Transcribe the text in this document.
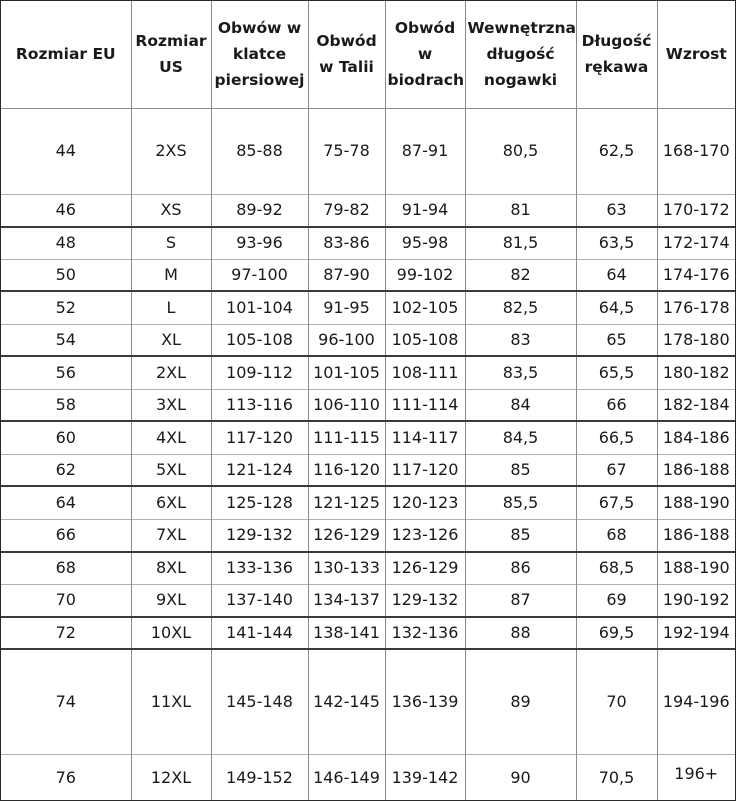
Rozmiar EU	Rozmiar US	Obwów w klatce piersiowej	Obwód w Talii	Obwód w biodrach	Wewnętrzna długość nogawki	Długość rękawa	Wzrost
44	2XS	85-88	75-78	87-91	80,5	62,5	168-170
46	XS	89-92	79-82	91-94	81	63	170-172
48	S	93-96	83-86	95-98	81,5	63,5	172-174
50	M	97-100	87-90	99-102	82	64	174-176
52	L	101-104	91-95	102-105	82,5	64,5	176-178
54	XL	105-108	96-100	105-108	83	65	178-180
56	2XL	109-112	101-105	108-111	83,5	65,5	180-182
58	3XL	113-116	106-110	111-114	84	66	182-184
60	4XL	117-120	111-115	114-117	84,5	66,5	184-186
62	5XL	121-124	116-120	117-120	85	67	186-188
64	6XL	125-128	121-125	120-123	85,5	67,5	188-190
66	7XL	129-132	126-129	123-126	85	68	186-188
68	8XL	133-136	130-133	126-129	86	68,5	188-190
70	9XL	137-140	134-137	129-132	87	69	190-192
72	10XL	141-144	138-141	132-136	88	69,5	192-194
74	11XL	145-148	142-145	136-139	89	70	194-196
76	12XL	149-152	146-149	139-142	90	70,5	196+
